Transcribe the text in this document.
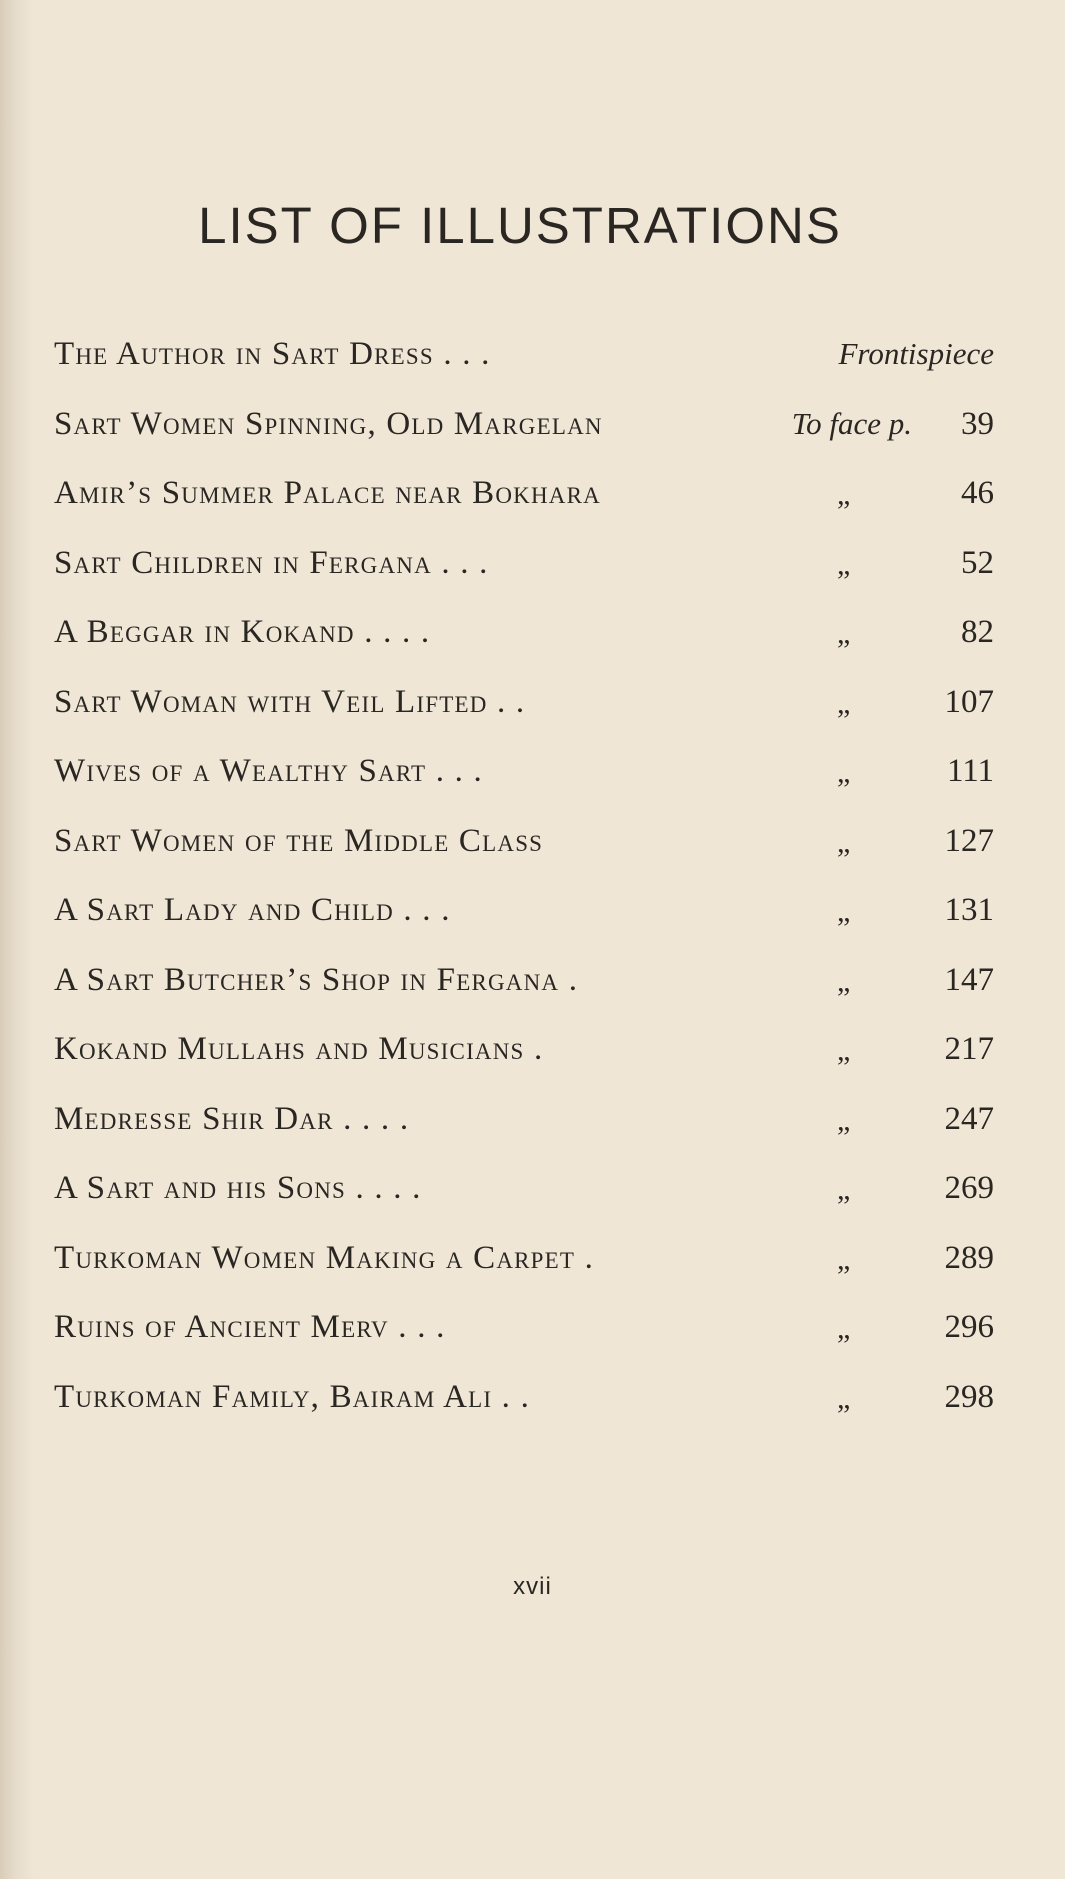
LIST OF ILLUSTRATIONS
The Author in Sart Dress . . .	Frontispiece
Sart Women Spinning, Old Margelan	To face p. 39
Amir’s Summer Palace near Bokhara	„	46
Sart Children in Fergana . . .	„	52
A Beggar in Kokand . . . .	„	82
Sart Woman with Veil Lifted . .	„	107
Wives of a Wealthy Sart . . .	„	111
Sart Women of the Middle Class	„	127
A Sart Lady and Child . . .	„	131
A Sart Butcher’s Shop in Fergana .	„	147
Kokand Mullahs and Musicians .	„	217
Medresse Shir Dar . . . .	„	247
A Sart and his Sons . . . .	„	269
Turkoman Women Making a Carpet .	„	289
Ruins of Ancient Merv . . .	„	296
Turkoman Family, Bairam Ali . .	„	298
xvii
